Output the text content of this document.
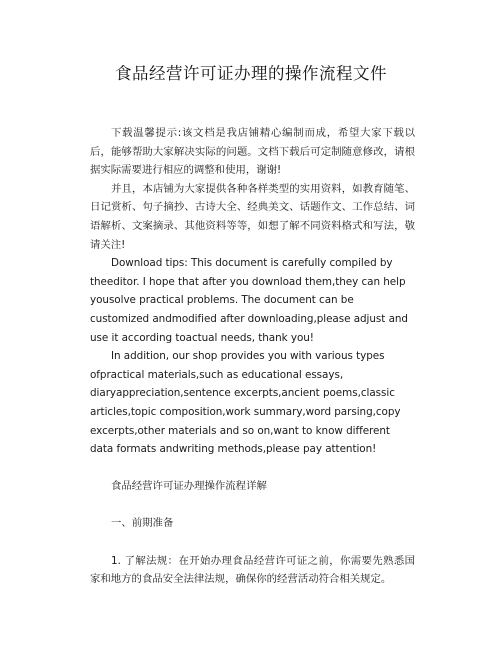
食品经营许可证办理的操作流程文件

下载温馨提示:该文档是我店铺精心编制而成，希望大家下载以后，能够帮助大家解决实际的问题。文档下载后可定制随意修改，请根据实际需要进行相应的调整和使用，谢谢!

并且，本店铺为大家提供各种各样类型的实用资料，如教育随笔、日记赏析、句子摘抄、古诗大全、经典美文、话题作文、工作总结、词语解析、文案摘录、其他资料等等，如想了解不同资料格式和写法，敬请关注!

Download tips: This document is carefully compiled by theeditor. I hope that after you download them,they can help yousolve practical problems. The document can be customized andmodified after downloading,please adjust and use it according toactual needs, thank you!

In addition, our shop provides you with various types ofpractical materials,such as educational essays, diaryappreciation,sentence excerpts,ancient poems,classic articles,topic composition,work summary,word parsing,copy excerpts,other materials and so on,want to know different data formats andwriting methods,please pay attention!

食品经营许可证办理操作流程详解

一、前期准备

1. 了解法规：在开始办理食品经营许可证之前，你需要先熟悉国家和地方的食品安全法律法规，确保你的经营活动符合相关规定。
